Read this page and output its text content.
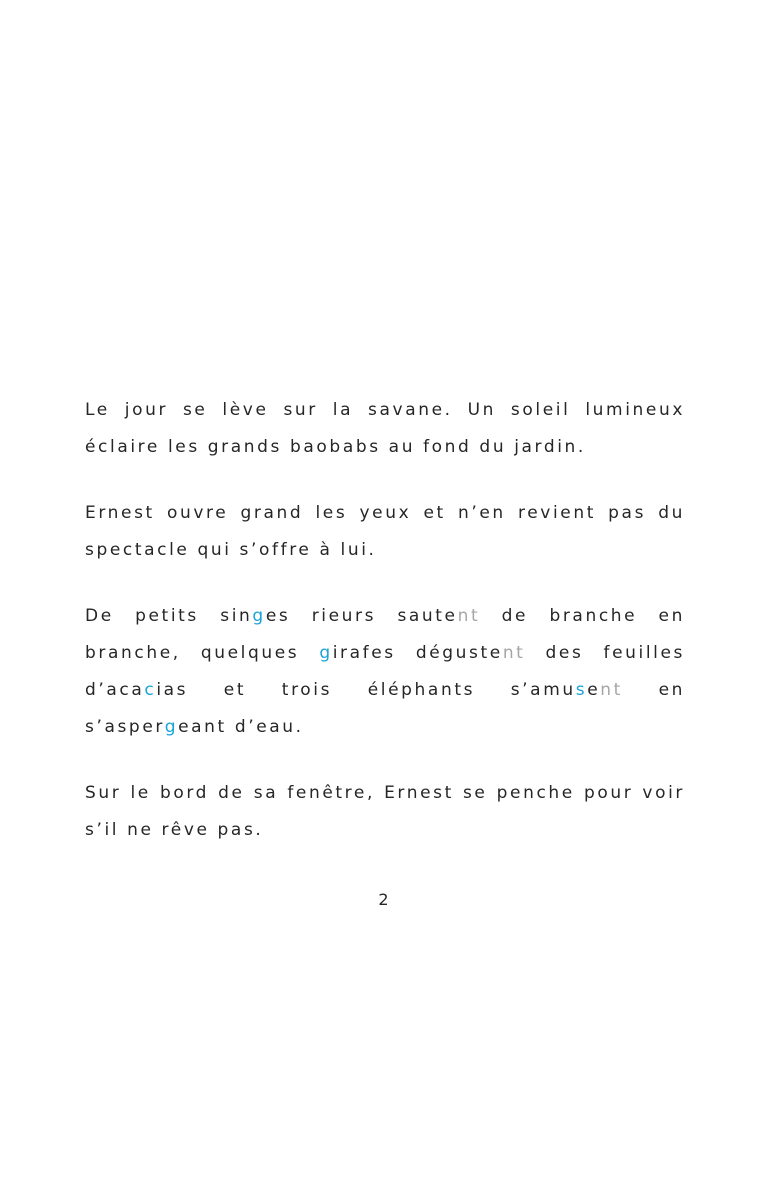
Le jour se lève sur la savane. Un soleil lumineux éclaire les grands baobabs au fond du jardin.

Ernest ouvre grand les yeux et n’en revient pas du spectacle qui s’offre à lui.

De petits singes rieurs sautent de branche en branche, quelques girafes dégustent des feuilles d’acacias et trois éléphants s’amusent en s’aspergeant d’eau.

Sur le bord de sa fenêtre, Ernest se penche pour voir s’il ne rêve pas.

2
